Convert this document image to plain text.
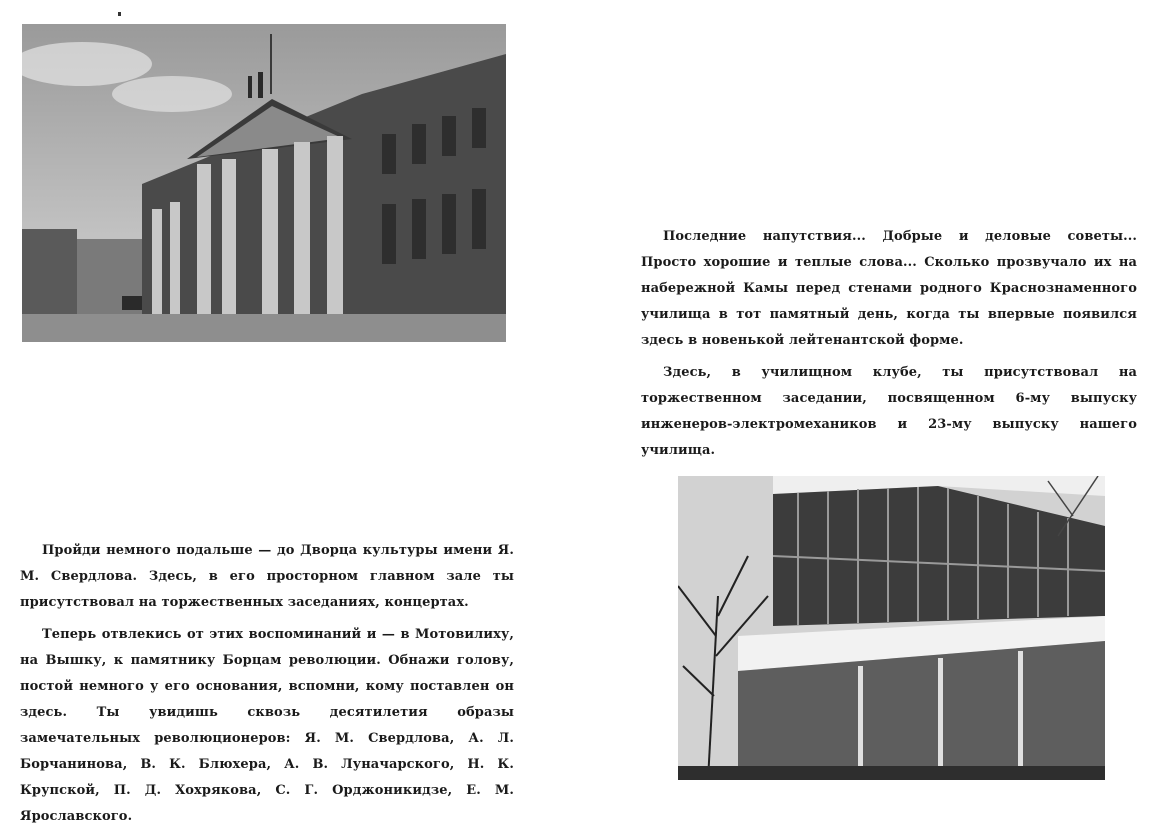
Последние напутствия... Добрые и деловые советы... Просто хорошие и теплые слова... Сколько прозвучало их на набережной Камы перед стенами родного Краснознаменного училища в тот памятный день, когда ты впервые появился здесь в новенькой лейтенантской форме.

Здесь, в училищном клубе, ты присутствовал на торжественном заседании, посвященном 6-му выпуску инженеров-электромехаников и 23-му выпуску нашего училища.

Пройди немного подальше — до Дворца культуры имени Я. М. Свердлова. Здесь, в его просторном главном зале ты присутствовал на торжественных заседаниях, концертах.

Теперь отвлекись от этих воспоминаний и — в Мотовилиху, на Вышку, к памятнику Борцам революции. Обнажи голову, постой немного у его основания, вспомни, кому поставлен он здесь. Ты увидишь сквозь десятилетия образы замечательных революционеров: Я. М. Свердлова, А. Л. Борчанинова, В. К. Блюхера, А. В. Луначарского, Н. К. Крупской, П. Д. Хохрякова, С. Г. Орджоникидзе, Е. М. Ярославского.
